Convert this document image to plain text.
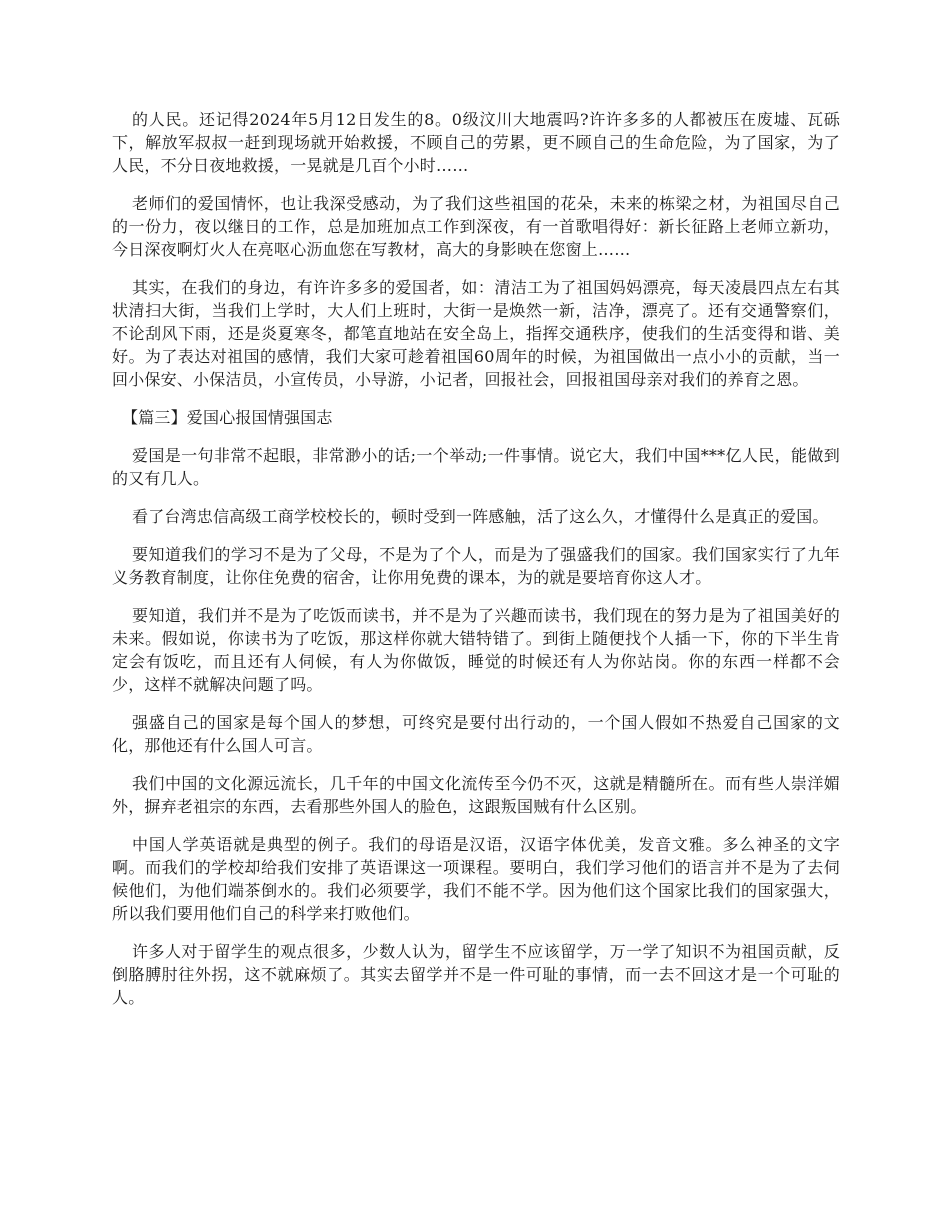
的人民。还记得2024年5月12日发生的8。0级汶川大地震吗?许许多多的人都被压在废墟、瓦砾下，解放军叔叔一赶到现场就开始救援，不顾自己的劳累，更不顾自己的生命危险，为了国家，为了人民，不分日夜地救援，一晃就是几百个小时……

老师们的爱国情怀，也让我深受感动，为了我们这些祖国的花朵，未来的栋梁之材，为祖国尽自己的一份力，夜以继日的工作，总是加班加点工作到深夜，有一首歌唱得好：新长征路上老师立新功，今日深夜啊灯火人在亮呕心沥血您在写教材，高大的身影映在您窗上……

其实，在我们的身边，有许许多多的爱国者，如：清洁工为了祖国妈妈漂亮，每天凌晨四点左右其状清扫大街，当我们上学时，大人们上班时，大街一是焕然一新，洁净，漂亮了。还有交通警察们，不论刮风下雨，还是炎夏寒冬，都笔直地站在安全岛上，指挥交通秩序，使我们的生活变得和谐、美好。为了表达对祖国的感情，我们大家可趁着祖国60周年的时候，为祖国做出一点小小的贡献，当一回小保安、小保洁员，小宣传员，小导游，小记者，回报社会，回报祖国母亲对我们的养育之恩。

【篇三】爱国心报国情强国志

爱国是一句非常不起眼，非常渺小的话;一个举动;一件事情。说它大，我们中国***亿人民，能做到的又有几人。

看了台湾忠信高级工商学校校长的，顿时受到一阵感触，活了这么久，才懂得什么是真正的爱国。

要知道我们的学习不是为了父母，不是为了个人，而是为了强盛我们的国家。我们国家实行了九年义务教育制度，让你住免费的宿舍，让你用免费的课本，为的就是要培育你这人才。

要知道，我们并不是为了吃饭而读书，并不是为了兴趣而读书，我们现在的努力是为了祖国美好的未来。假如说，你读书为了吃饭，那这样你就大错特错了。到街上随便找个人插一下，你的下半生肯定会有饭吃，而且还有人伺候，有人为你做饭，睡觉的时候还有人为你站岗。你的东西一样都不会少，这样不就解决问题了吗。

强盛自己的国家是每个国人的梦想，可终究是要付出行动的，一个国人假如不热爱自己国家的文化，那他还有什么国人可言。

我们中国的文化源远流长，几千年的中国文化流传至今仍不灭，这就是精髓所在。而有些人崇洋媚外，摒弃老祖宗的东西，去看那些外国人的脸色，这跟叛国贼有什么区别。

中国人学英语就是典型的例子。我们的母语是汉语，汉语字体优美，发音文雅。多么神圣的文字啊。而我们的学校却给我们安排了英语课这一项课程。要明白，我们学习他们的语言并不是为了去伺候他们，为他们端茶倒水的。我们必须要学，我们不能不学。因为他们这个国家比我们的国家强大，所以我们要用他们自己的科学来打败他们。

许多人对于留学生的观点很多，少数人认为，留学生不应该留学，万一学了知识不为祖国贡献，反倒胳膊肘往外拐，这不就麻烦了。其实去留学并不是一件可耻的事情，而一去不回这才是一个可耻的人。
